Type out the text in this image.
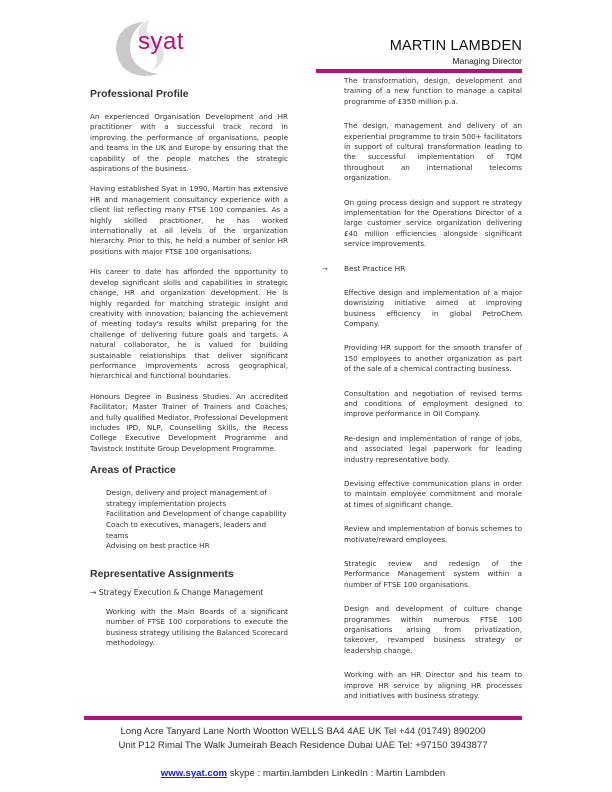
syat	MARTIN LAMBDEN
Managing Director
Professional Profile

An experienced Organisation Development and HR practitioner with a successful track record in improving the performance of organisations, people and teams in the UK and Europe by ensuring that the capability of the people matches the strategic aspirations of the business.

Having established Syat in 1990, Martin has extensive HR and management consultancy experience with a client list reflecting many FTSE 100 companies. As a highly skilled practitioner, he has worked internationally at all levels of the organization hierarchy. Prior to this, he held a number of senior HR positions with major FTSE 100 organisations.

His career to date has afforded the opportunity to develop significant skills and capabilities in strategic change, HR and organization development. He is highly regarded for matching strategic insight and creativity with innovation; balancing the achievement of meeting today's results whilst preparing for the challenge of delivering future goals and targets. A natural collaborator, he is valued for building sustainable relationships that deliver significant performance improvements across geographical, hierarchical and functional boundaries.

Honours Degree in Business Studies. An accredited Facilitator; Master Trainer of Trainers and Coaches; and fully qualified Mediator, Professional Development includes IPD, NLP, Counselling Skills, the Recess College Executive Development Programme and Tavistock Institute Group Development Programme.

Areas of Practice
Design, delivery and project management of strategy implementation projects
Facilitation and Development of change capability
Coach to executives, managers, leaders and teams
Advising on best practice HR
Representative Assignments
→ Strategy Execution & Change Management
Working with the Main Boards of a significant number of FTSE 100 corporations to execute the business strategy utilising the Balanced Scorecard methodology.
The transformation, design, development and training of a new function to manage a capital programme of £350 million p.a.
The design, management and delivery of an experiential programme to train 500+ facilitators in support of cultural transformation leading to the successful implementation of TQM throughout an international telecoms organization.
On going process design and support re strategy implementation for the Operations Director of a large customer service organization delivering £40 million efficiencies alongside significant service improvements.
→ Best Practice HR
Effective design and implementation of a major downsizing initiative aimed at improving business efficiency in global PetroChem Company.
Providing HR support for the smooth transfer of 150 employees to another organization as part of the sale of a chemical contracting business.
Consultation and negotiation of revised terms and conditions of employment designed to improve performance in Oil Company.
Re-design and implementation of range of jobs, and associated legal paperwork for leading industry representative body.
Devising effective communication plans in order to maintain employee commitment and morale at times of significant change.
Review and implementation of bonus schemes to motivate/reward employees.
Strategic review and redesign of the Performance Management system within a number of FTSE 100 organisations.
Design and development of culture change programmes within numerous FTSE 100 organisations arising from privatization, takeover, revamped business strategy or leadership change.
Working with an HR Director and his team to improve HR service by aligning HR processes and initiatives with business strategy.
Long Acre Tanyard Lane North Wootton WELLS BA4 4AE UK Tel +44 (01749) 890200
Unit P12 Rimal The Walk Jumeirah Beach Residence Dubai UAE Tel: +97150 3943877
www.syat.com skype : martin.lambden LinkedIn : Martin Lambden
